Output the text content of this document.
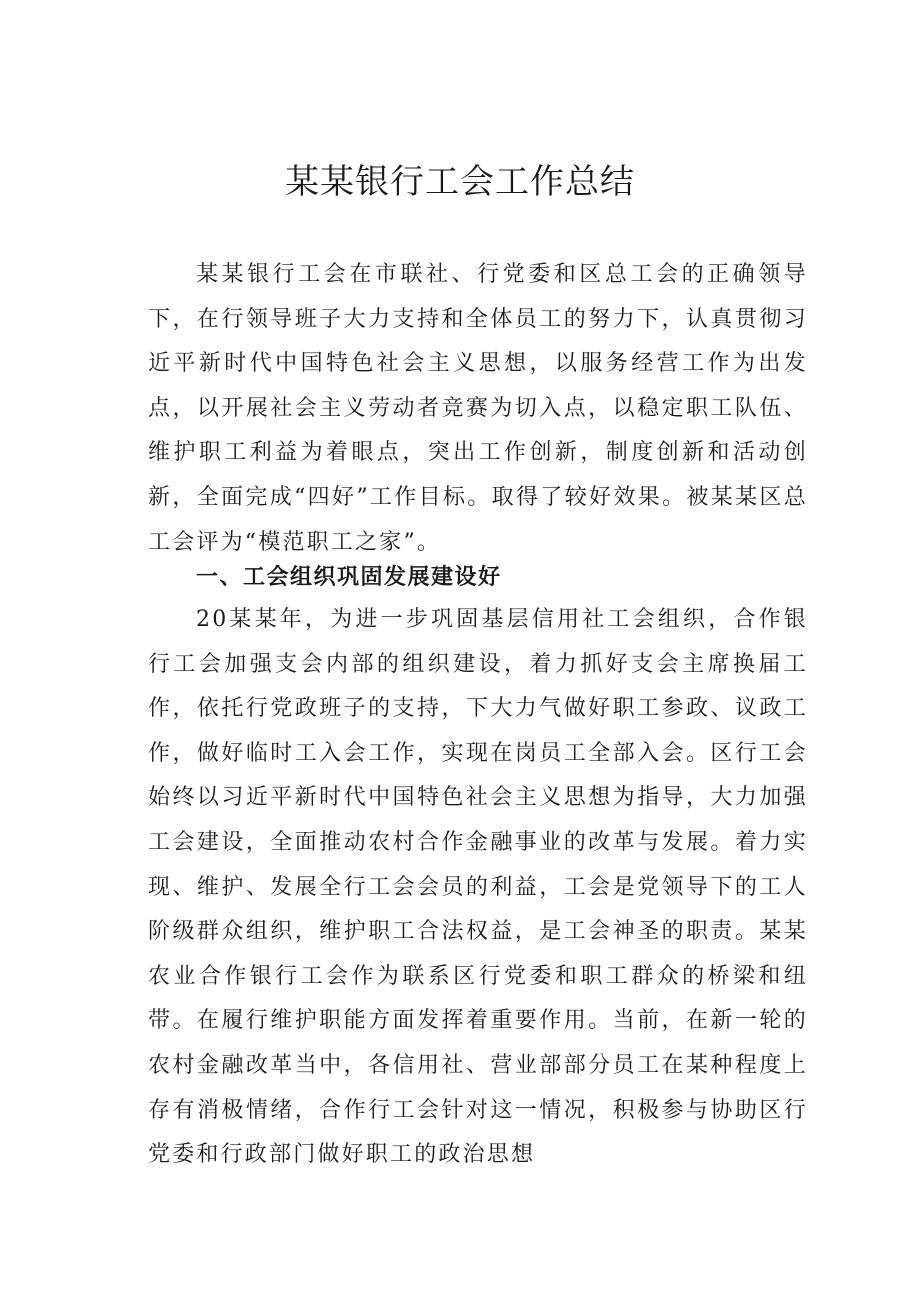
某某银行工会工作总结

某某银行工会在市联社、行党委和区总工会的正确领导下，在行领导班子大力支持和全体员工的努力下，认真贯彻习近平新时代中国特色社会主义思想，以服务经营工作为出发点，以开展社会主义劳动者竞赛为切入点，以稳定职工队伍、维护职工利益为着眼点，突出工作创新，制度创新和活动创新，全面完成“四好”工作目标。取得了较好效果。被某某区总工会评为“模范职工之家”。

一、工会组织巩固发展建设好

20某某年，为进一步巩固基层信用社工会组织，合作银行工会加强支会内部的组织建设，着力抓好支会主席换届工作，依托行党政班子的支持，下大力气做好职工参政、议政工作，做好临时工入会工作，实现在岗员工全部入会。区行工会始终以习近平新时代中国特色社会主义思想为指导，大力加强工会建设，全面推动农村合作金融事业的改革与发展。着力实现、维护、发展全行工会会员的利益，工会是党领导下的工人阶级群众组织，维护职工合法权益，是工会神圣的职责。某某农业合作银行工会作为联系区行党委和职工群众的桥梁和纽带。在履行维护职能方面发挥着重要作用。当前，在新一轮的农村金融改革当中，各信用社、营业部部分员工在某种程度上存有消极情绪，合作行工会针对这一情况，积极参与协助区行党委和行政部门做好职工的政治思想
